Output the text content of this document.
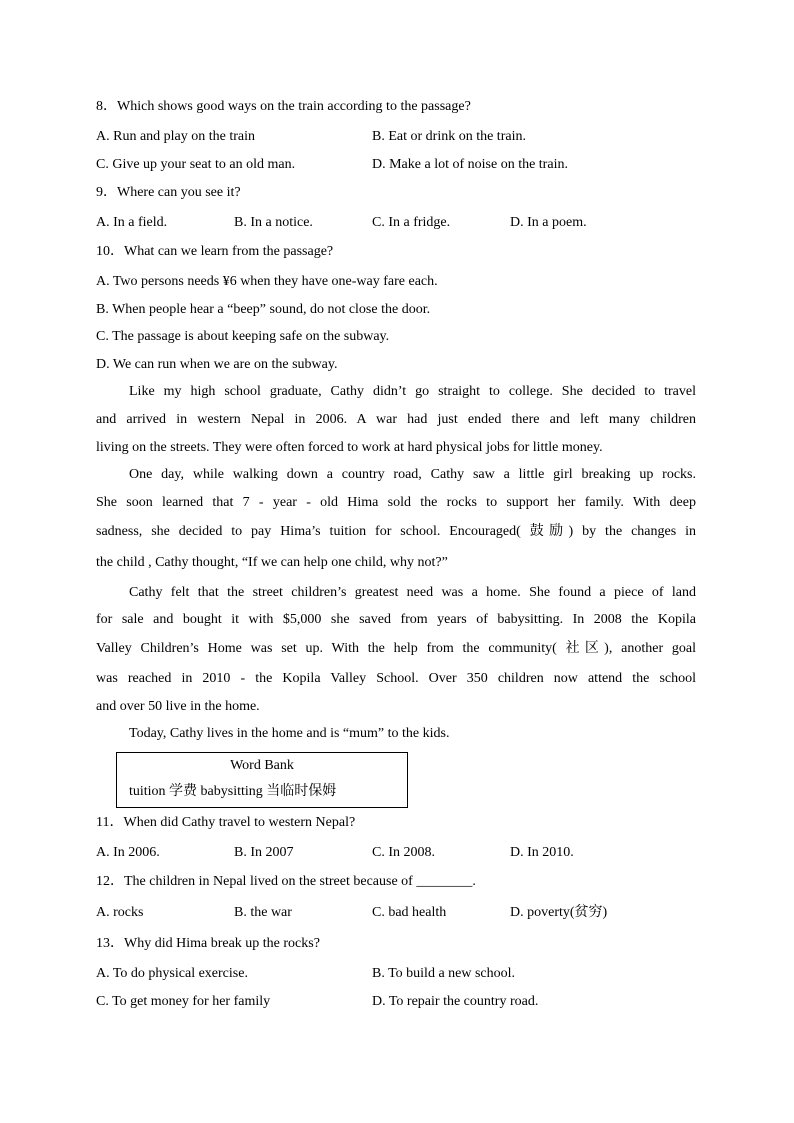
8．Which shows good ways on the train according to the passage?
A. Run and play on the train	B. Eat or drink on the train.
C. Give up your seat to an old man.	D. Make a lot of noise on the train.
9．Where can you see it?
A. In a field.	B. In a notice.	C. In a fridge.	D. In a poem.
10．What can we learn from the passage?
A. Two persons needs ¥6 when they have one-way fare each.
B. When people hear a “beep” sound, do not close the door.
C. The passage is about keeping safe on the subway.
D. We can run when we are on the subway.
Like my high school graduate, Cathy didn’t go straight to college. She decided to travel
and arrived in western Nepal in 2006. A war had just ended there and left many children
living on the streets. They were often forced to work at hard physical jobs for little money.
One day, while walking down a country road, Cathy saw a little girl breaking up rocks.
She soon learned that 7 - year - old Hima sold the rocks to support her family. With deep
sadness, she decided to pay Hima’s tuition for school. Encouraged( 鼓励) by the changes in
the child , Cathy thought, “If we can help one child, why not?”
Cathy felt that the street children’s greatest need was a home. She found a piece of land
for sale and bought it with $5,000 she saved from years of babysitting. In 2008 the Kopila
Valley Children’s Home was set up. With the help from the community( 社区), another goal
was reached in 2010 - the Kopila Valley School. Over 350 children now attend the school
and over 50 live in the home.
Today, Cathy lives in the home and is “mum” to the kids.
Word Bank
tuition 学费 babysitting 当临时保姆
11．When did Cathy travel to western Nepal?
A. In 2006.	B. In 2007	C. In 2008.	D. In 2010.
12．The children in Nepal lived on the street because of ________.
A. rocks	B. the war	C. bad health	D. poverty(贫穷)
13．Why did Hima break up the rocks?
A. To do physical exercise.	B. To build a new school.
C. To get money for her family	D. To repair the country road.
